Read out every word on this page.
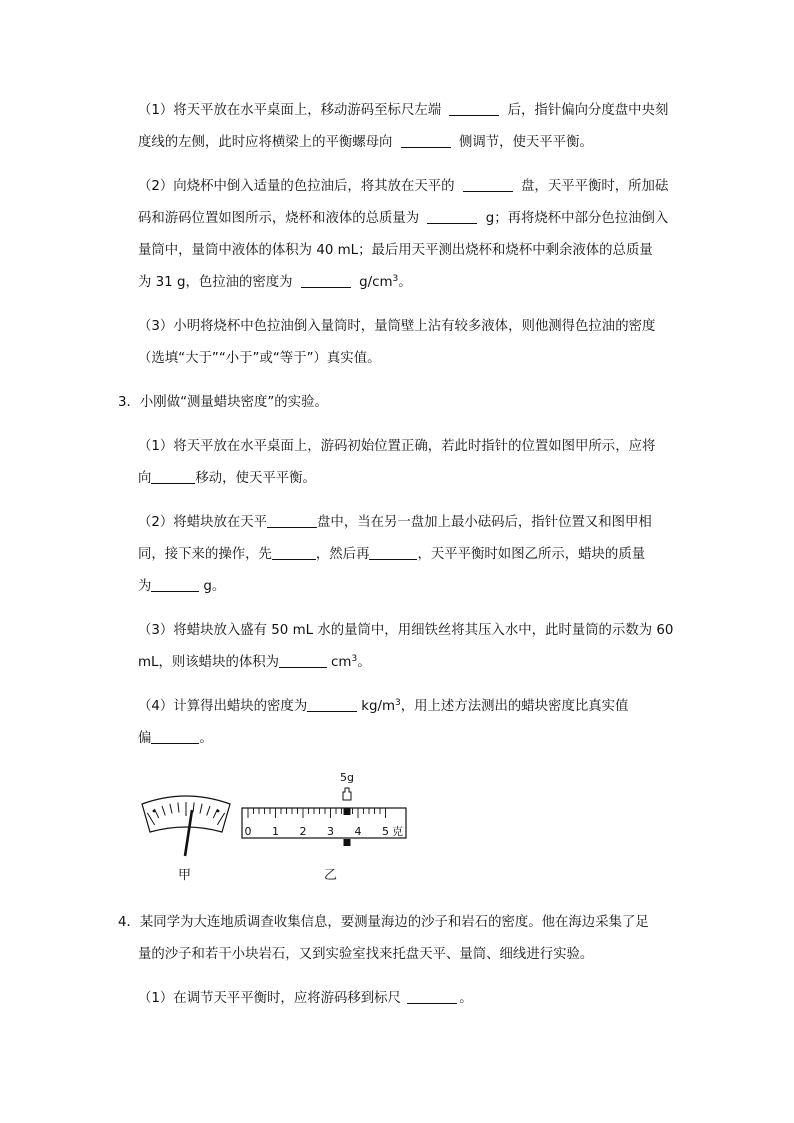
（1）将天平放在水平桌面上，移动游码至标尺左端	后，指针偏向分度盘中央刻
度线的左侧，此时应将横梁上的平衡螺母向	侧调节，使天平平衡。
（2）向烧杯中倒入适量的色拉油后，将其放在天平的	盘，天平平衡时，所加砝
码和游码位置如图所示，烧杯和液体的总质量为	g；再将烧杯中部分色拉油倒入
量筒中，量筒中液体的体积为 40 mL；最后用天平测出烧杯和烧杯中剩余液体的总质量
为 31 g，色拉油的密度为	$g/cm^3$。
（3）小明将烧杯中色拉油倒入量筒时，量筒壁上沾有较多液体，则他测得色拉油的密度
（选填“大于”“小于”或“等于”）真实值。
3．小刚做“测量蜡块密度”的实验。
（1）将天平放在水平桌面上，游码初始位置正确，若此时指针的位置如图甲所示，应将
向	移动，使天平平衡。
（2）将蜡块放在天平	盘中，当在另一盘加上最小砝码后，指针位置又和图甲相
同，接下来的操作，先	，然后再	，天平平衡时如图乙所示，蜡块的质量
为	g。
（3）将蜡块放入盛有 50 mL 水的量筒中，用细铁丝将其压入水中，此时量筒的示数为 60
mL，则该蜡块的体积为	$cm^3$。
（4）计算得出蜡块的密度为	$kg/m^3$，用上述方法测出的蜡块密度比真实值
偏	。
甲
0 1 2 3 4 5 克
5g
乙
4．某同学为大连地质调查收集信息，要测量海边的沙子和岩石的密度。他在海边采集了足
量的沙子和若干小块岩石，又到实验室找来托盘天平、量筒、细线进行实验。
（1）在调节天平平衡时，应将游码移到标尺	。
